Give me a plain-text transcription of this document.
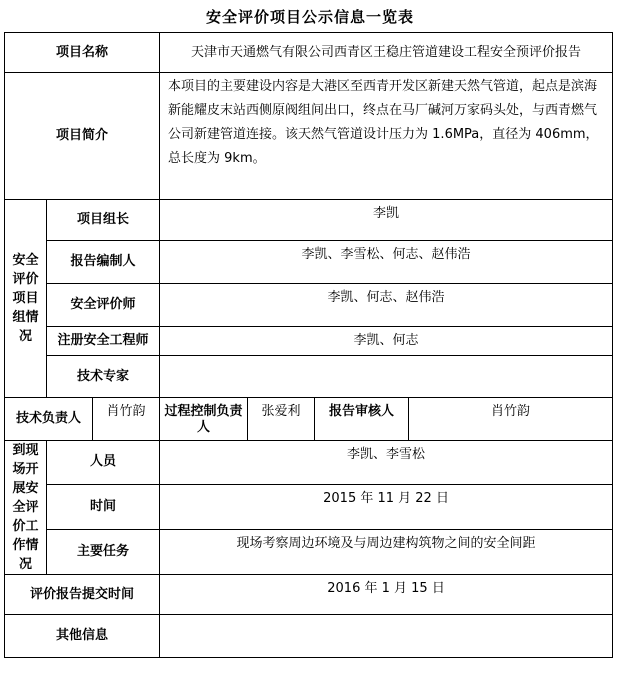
安全评价项目公示信息一览表
项目名称			天津市天通燃气有限公司西青区王稳庄管道建设工程安全预评价报告			
项目简介			本项目的主要建设内容是大港区至西青开发区新建天然气管道，起点是滨海新能耀皮末站西侧原阀组间出口，终点在马厂碱河万家码头处，与西青燃气公司新建管道连接。该天然气管道设计压力为 1.6MPa，直径为 406mm，总长度为 9km。			
安全评价项目组情况	项目组长		李凯			
	报告编制人		李凯、李雪松、何志、赵伟浩			
	安全评价师		李凯、何志、赵伟浩			
	注册安全工程师		李凯、何志			
	技术专家					
技术负责人		肖竹韵	过程控制负责人	张爱利	报告审核人	肖竹韵
到现场开展安全评价工作情况	人员		李凯、李雪松			
	时间		2015 年 11 月 22 日			
	主要任务		现场考察周边环境及与周边建构筑物之间的安全间距			
评价报告提交时间			2016 年 1 月 15 日			
其他信息						
